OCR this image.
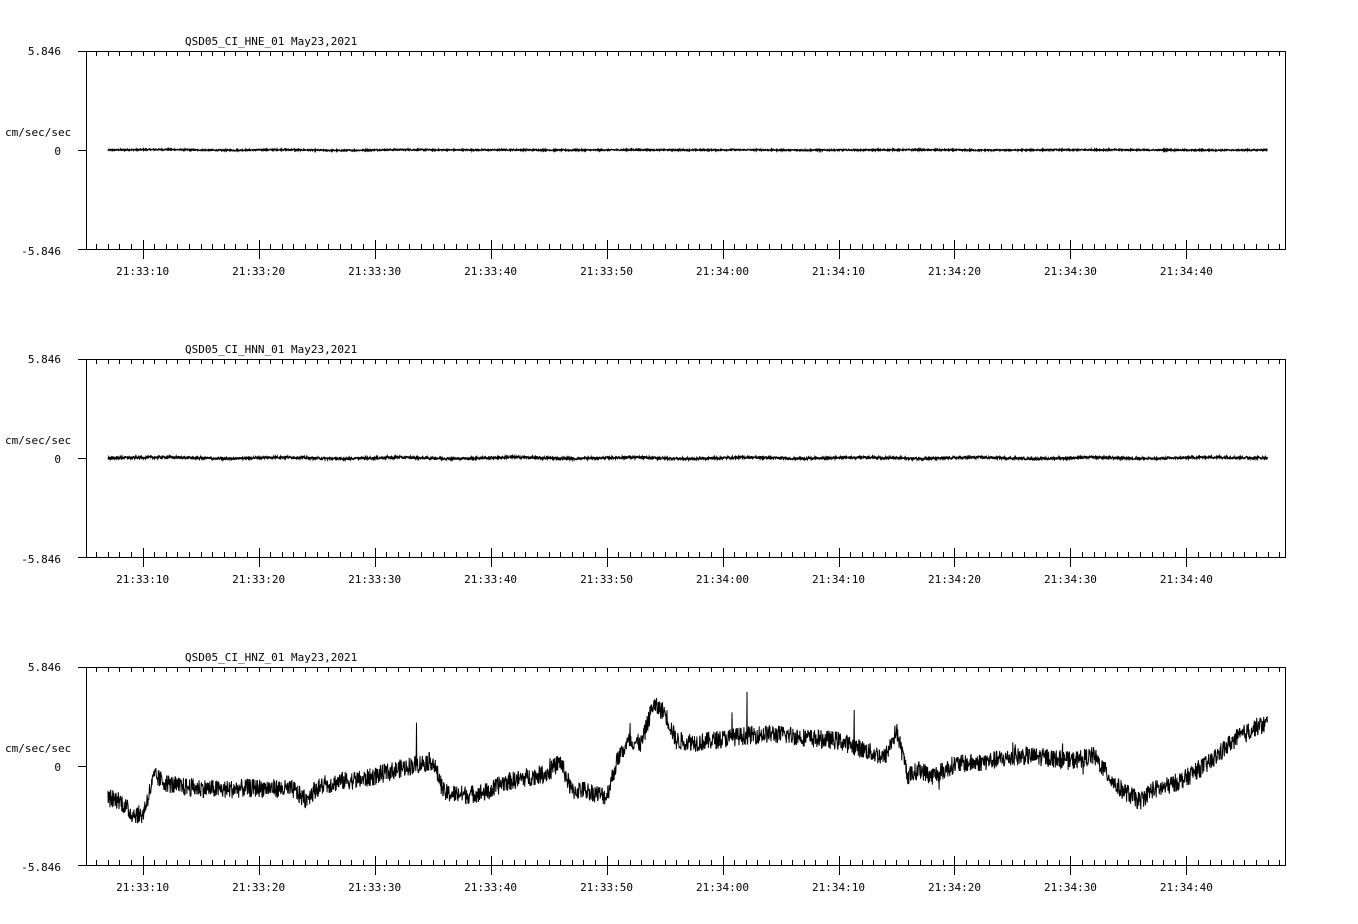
QSD05_CI_HNE_01 May23,2021
cm/sec/sec
5.846
0
-5.846
21:33:10	21:33:20	21:33:30	21:33:40	21:33:50	21:34:00	21:34:10	21:34:20	21:34:30	21:34:40
QSD05_CI_HNN_01 May23,2021
cm/sec/sec
5.846
0
-5.846
21:33:10	21:33:20	21:33:30	21:33:40	21:33:50	21:34:00	21:34:10	21:34:20	21:34:30	21:34:40
QSD05_CI_HNZ_01 May23,2021
cm/sec/sec
5.846
0
-5.846
21:33:10	21:33:20	21:33:30	21:33:40	21:33:50	21:34:00	21:34:10	21:34:20	21:34:30	21:34:40
